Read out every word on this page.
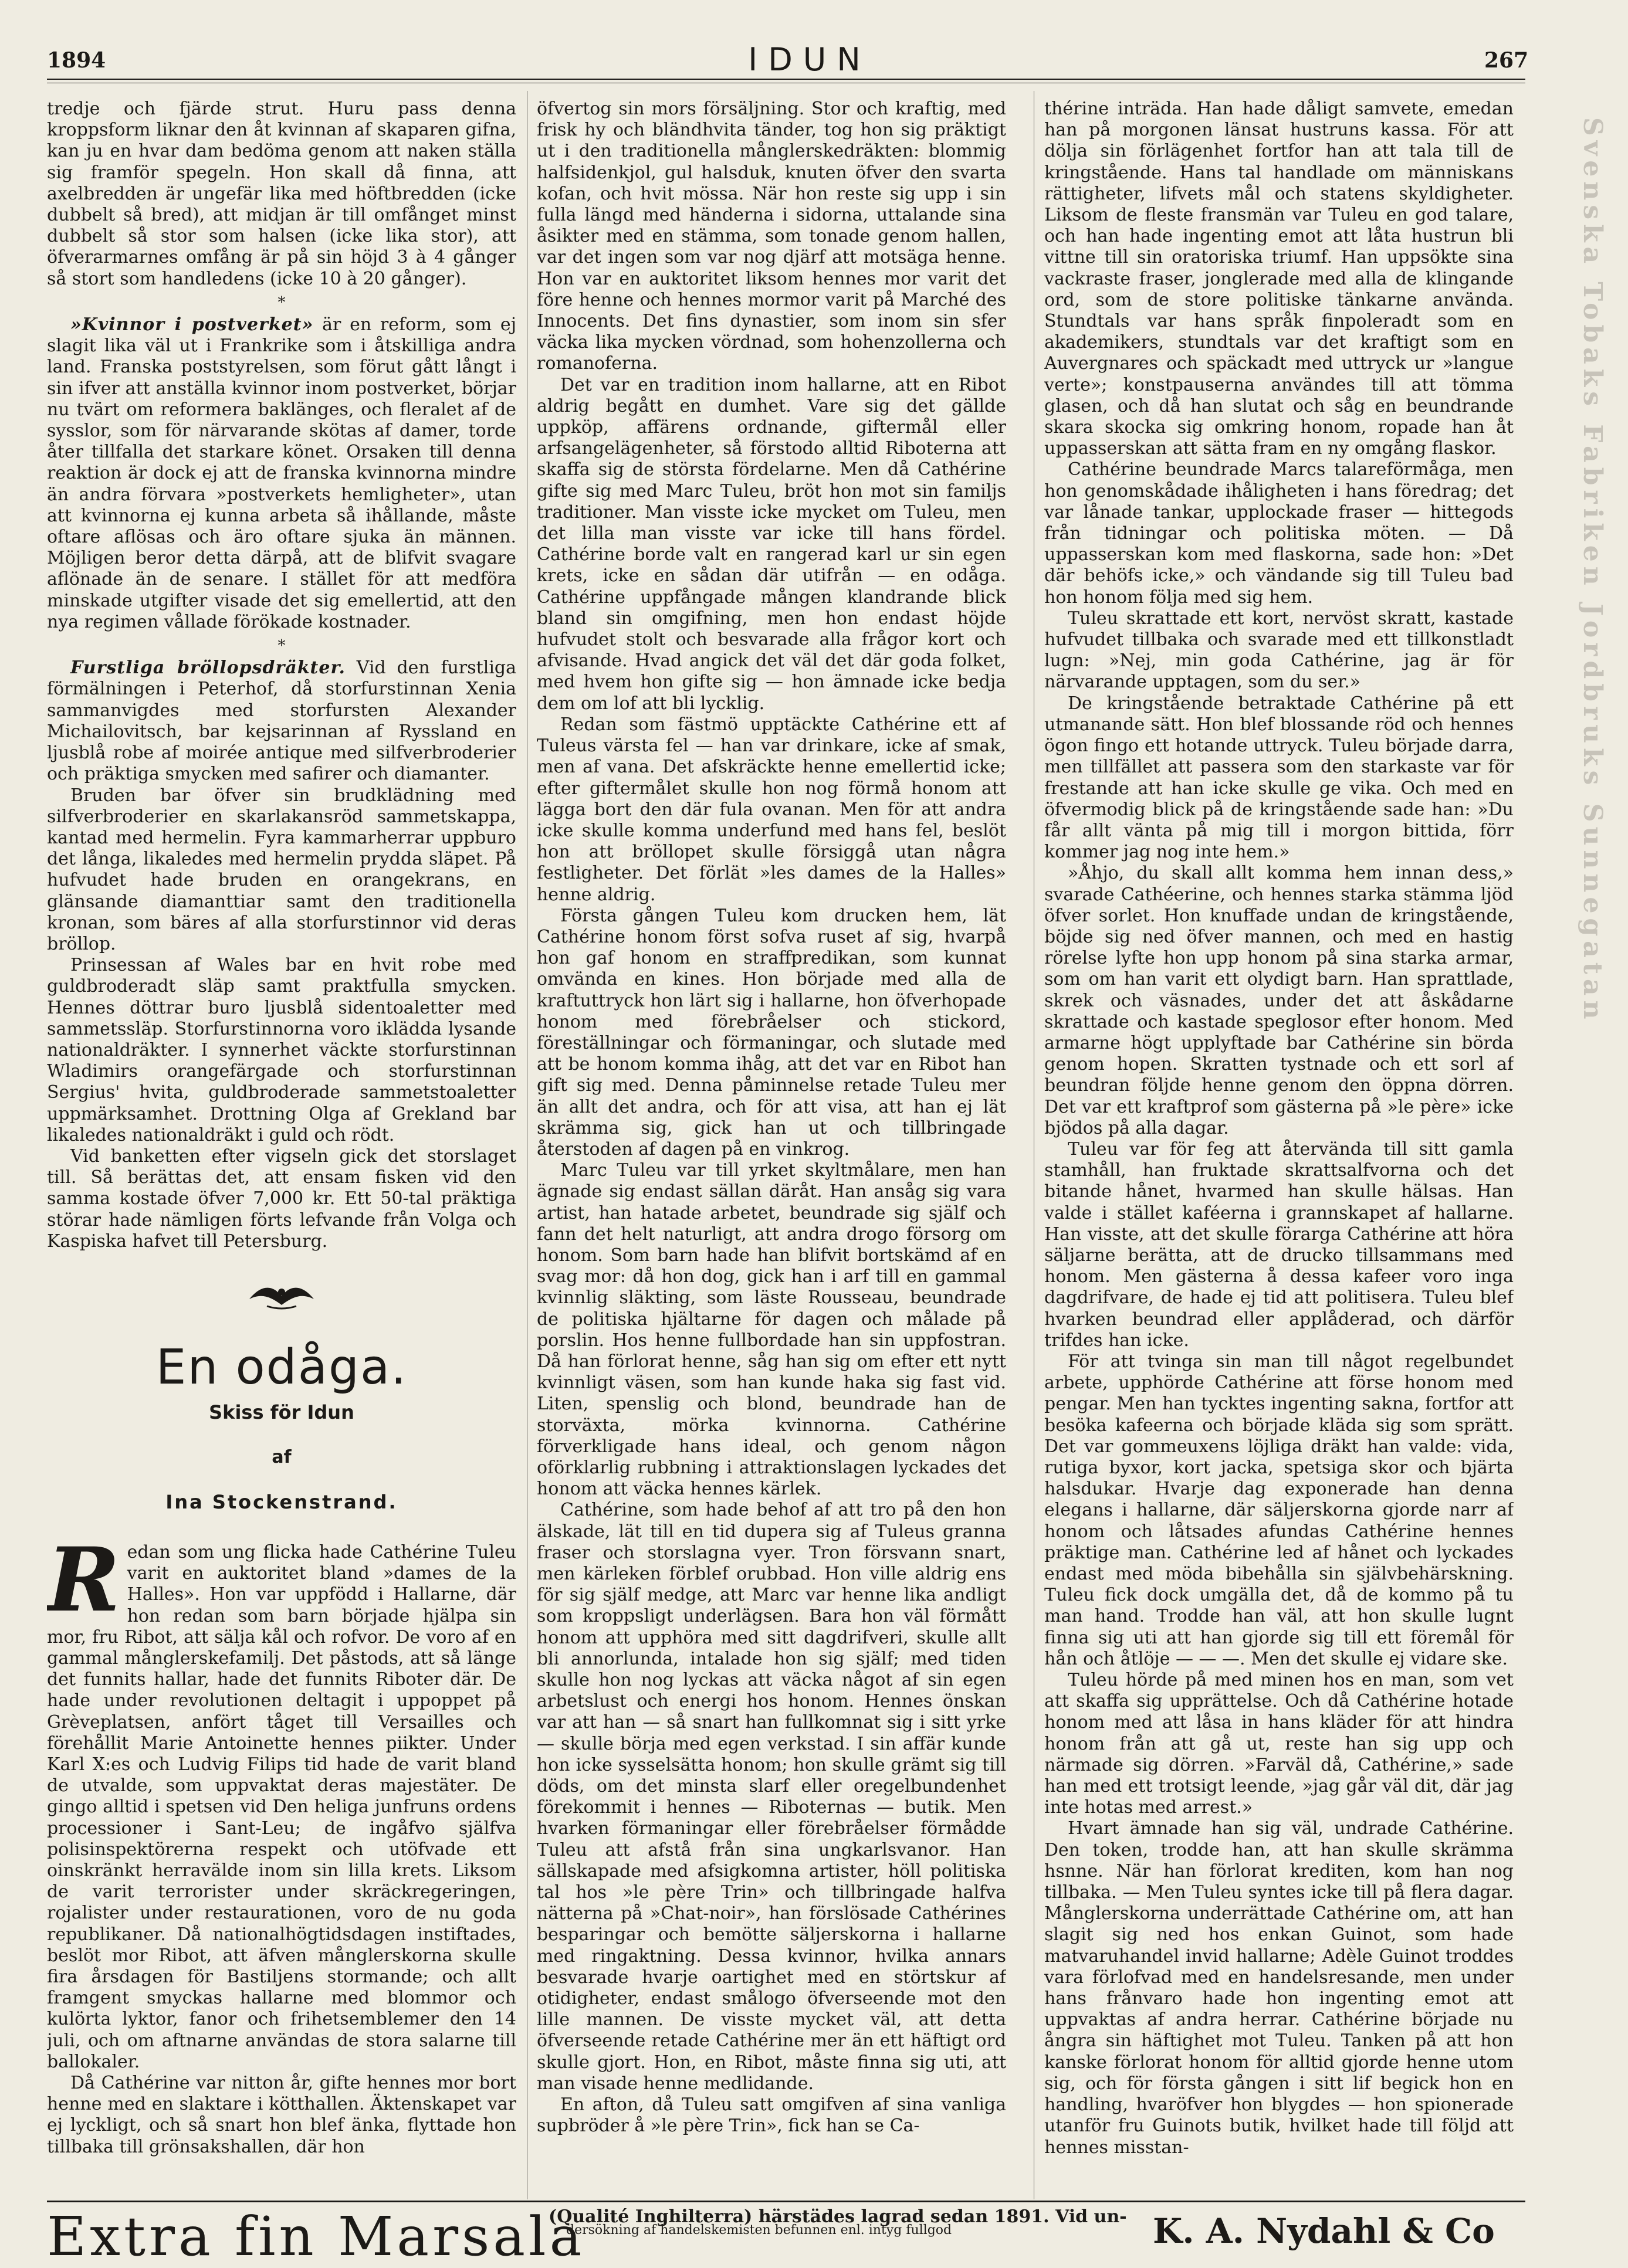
1894	IDUN	267

tredje och fjärde strut. Huru pass denna kroppsform liknar den åt kvinnan af skaparen gifna, kan ju en hvar dam bedöma genom att naken ställa sig framför spegeln. Hon skall då finna, att axelbredden är ungefär lika med höftbredden (icke dubbelt så bred), att midjan är till omfånget minst dubbelt så stor som halsen (icke lika stor), att öfverarmarnes omfång är på sin höjd 3 à 4 gånger så stort som handledens (icke 10 à 20 gånger).

*

»Kvinnor i postverket» är en reform, som ej slagit lika väl ut i Frankrike som i åtskilliga andra land. Franska poststyrelsen, som förut gått långt i sin ifver att anställa kvinnor inom postverket, börjar nu tvärt om reformera baklänges, och fleralet af de sysslor, som för närvarande skötas af damer, torde åter tillfalla det starkare könet. Orsaken till denna reaktion är dock ej att de franska kvinnorna mindre än andra förvara »postverkets hemligheter», utan att kvinnorna ej kunna arbeta så ihållande, måste oftare aflösas och äro oftare sjuka än männen. Möjligen beror detta därpå, att de blifvit svagare aflönade än de senare. I stället för att medföra minskade utgifter visade det sig emellertid, att den nya regimen vållade förökade kostnader.

*

Furstliga bröllopsdräkter. Vid den furstliga förmälningen i Peterhof, då storfurstinnan Xenia sammanvigdes med storfursten Alexander Michailovitsch, bar kejsarinnan af Ryssland en ljusblå robe af moirée antique med silfverbroderier och präktiga smycken med safirer och diamanter.

Bruden bar öfver sin brudklädning med silfverbroderier en skarlakansröd sammetskappa, kantad med hermelin. Fyra kammarherrar uppburo det långa, likaledes med hermelin prydda släpet. På hufvudet hade bruden en orangekrans, en glänsande diamanttiar samt den traditionella kronan, som bäres af alla storfurstinnor vid deras bröllop.

Prinsessan af Wales bar en hvit robe med guldbroderadt släp samt praktfulla smycken. Hennes döttrar buro ljusblå sidentoaletter med sammetssläp. Storfurstinnorna voro iklädda lysande nationaldräkter. I synnerhet väckte storfurstinnan Wladimirs orangefärgade och storfurstinnan Sergius' hvita, guldbroderade sammetstoaletter uppmärksamhet. Drottning Olga af Grekland bar likaledes nationaldräkt i guld och rödt.

Vid banketten efter vigseln gick det storslaget till. Så berättas det, att ensam fisken vid den samma kostade öfver 7,000 kr. Ett 50-tal präktiga störar hade nämligen förts lefvande från Volga och Kaspiska hafvet till Petersburg.

En odåga.
Skiss för Idun
af
Ina Stockenstrand.

Redan som ung flicka hade Cathérine Tuleu varit en auktoritet bland »dames de la Halles». Hon var uppfödd i Hallarne, där hon redan som barn började hjälpa sin mor, fru Ribot, att sälja kål och rofvor. De voro af en gammal månglerskefamilj. Det påstods, att så länge det funnits hallar, hade det funnits Riboter där. De hade under revolutionen deltagit i uppoppet på Grèveplatsen, anfört tåget till Versailles och förehållit Marie Antoinette hennes piikter. Under Karl X:es och Ludvig Filips tid hade de varit bland de utvalde, som uppvaktat deras majestäter. De gingo alltid i spetsen vid Den heliga junfruns ordens processioner i Sant-Leu; de ingåfvo själfva polisinspektörerna respekt och utöfvade ett oinskränkt herravälde inom sin lilla krets. Liksom de varit terrorister under skräckregeringen, rojalister under restaurationen, voro de nu goda republikaner. Då nationalhögtidsdagen instiftades, beslöt mor Ribot, att äfven månglerskorna skulle fira årsdagen för Bastiljens stormande; och allt framgent smyckas hallarne med blommor och kulörta lyktor, fanor och frihetsemblemer den 14 juli, och om aftnarne användas de stora salarne till ballokaler.

Då Cathérine var nitton år, gifte hennes mor bort henne med en slaktare i kötthallen. Äktenskapet var ej lyckligt, och så snart hon blef änka, flyttade hon tillbaka till grönsakshallen, där hon

öfvertog sin mors försäljning. Stor och kraftig, med frisk hy och bländhvita tänder, tog hon sig präktigt ut i den traditionella månglerskedräkten: blommig halfsidenkjol, gul halsduk, knuten öfver den svarta kofan, och hvit mössa. När hon reste sig upp i sin fulla längd med händerna i sidorna, uttalande sina åsikter med en stämma, som tonade genom hallen, var det ingen som var nog djärf att motsäga henne. Hon var en auktoritet liksom hennes mor varit det före henne och hennes mormor varit på Marché des Innocents. Det fins dynastier, som inom sin sfer väcka lika mycken vördnad, som hohenzollerna och romanoferna.

Det var en tradition inom hallarne, att en Ribot aldrig begått en dumhet. Vare sig det gällde uppköp, affärens ordnande, giftermål eller arfsangelägenheter, så förstodo alltid Riboterna att skaffa sig de största fördelarne. Men då Cathérine gifte sig med Marc Tuleu, bröt hon mot sin familjs traditioner. Man visste icke mycket om Tuleu, men det lilla man visste var icke till hans fördel. Cathérine borde valt en rangerad karl ur sin egen krets, icke en sådan där utifrån — en odåga. Cathérine uppfångade mången klandrande blick bland sin omgifning, men hon endast höjde hufvudet stolt och besvarade alla frågor kort och afvisande. Hvad angick det väl det där goda folket, med hvem hon gifte sig — hon ämnade icke bedja dem om lof att bli lycklig.

Redan som fästmö upptäckte Cathérine ett af Tuleus värsta fel — han var drinkare, icke af smak, men af vana. Det afskräckte henne emellertid icke; efter giftermålet skulle hon nog förmå honom att lägga bort den där fula ovanan. Men för att andra icke skulle komma underfund med hans fel, beslöt hon att bröllopet skulle försiggå utan några festligheter. Det förlät »les dames de la Halles» henne aldrig.

Första gången Tuleu kom drucken hem, lät Cathérine honom först sofva ruset af sig, hvarpå hon gaf honom en straffpredikan, som kunnat omvända en kines. Hon började med alla de kraftuttryck hon lärt sig i hallarne, hon öfverhopade honom med förebråelser och stickord, föreställningar och förmaningar, och slutade med att be honom komma ihåg, att det var en Ribot han gift sig med. Denna påminnelse retade Tuleu mer än allt det andra, och för att visa, att han ej lät skrämma sig, gick han ut och tillbringade återstoden af dagen på en vinkrog.

Marc Tuleu var till yrket skyltmålare, men han ägnade sig endast sällan däråt. Han ansåg sig vara artist, han hatade arbetet, beundrade sig själf och fann det helt naturligt, att andra drogo försorg om honom. Som barn hade han blifvit bortskämd af en svag mor: då hon dog, gick han i arf till en gammal kvinnlig släkting, som läste Rousseau, beundrade de politiska hjältarne för dagen och målade på porslin. Hos henne fullbordade han sin uppfostran. Då han förlorat henne, såg han sig om efter ett nytt kvinnligt väsen, som han kunde haka sig fast vid. Liten, spenslig och blond, beundrade han de storväxta, mörka kvinnorna. Cathérine förverkligade hans ideal, och genom någon oförklarlig rubbning i attraktionslagen lyckades det honom att väcka hennes kärlek.

Cathérine, som hade behof af att tro på den hon älskade, lät till en tid dupera sig af Tuleus granna fraser och storslagna vyer. Tron försvann snart, men kärleken förblef orubbad. Hon ville aldrig ens för sig själf medge, att Marc var henne lika andligt som kroppsligt underlägsen. Bara hon väl förmått honom att upphöra med sitt dagdrifveri, skulle allt bli annorlunda, intalade hon sig själf; med tiden skulle hon nog lyckas att väcka något af sin egen arbetslust och energi hos honom. Hennes önskan var att han — så snart han fullkomnat sig i sitt yrke — skulle börja med egen verkstad. I sin affär kunde hon icke sysselsätta honom; hon skulle grämt sig till döds, om det minsta slarf eller oregelbundenhet förekommit i hennes — Riboternas — butik. Men hvarken förmaningar eller förebråelser förmådde Tuleu att afstå från sina ungkarlsvanor. Han sällskapade med afsigkomna artister, höll politiska tal hos »le père Trin» och tillbringade halfva nätterna på »Chat-noir», han förslösade Cathérines besparingar och bemötte säljerskorna i hallarne med ringaktning. Dessa kvinnor, hvilka annars besvarade hvarje oartighet med en störtskur af otidigheter, endast smålogo öfverseende mot den lille mannen. De visste mycket väl, att detta öfverseende retade Cathérine mer än ett häftigt ord skulle gjort. Hon, en Ribot, måste finna sig uti, att man visade henne medlidande.

En afton, då Tuleu satt omgifven af sina vanliga supbröder å »le père Trin», fick han se Ca-

thérine inträda. Han hade dåligt samvete, emedan han på morgonen länsat hustruns kassa. För att dölja sin förlägenhet fortfor han att tala till de kringstående. Hans tal handlade om människans rättigheter, lifvets mål och statens skyldigheter. Liksom de fleste fransmän var Tuleu en god talare, och han hade ingenting emot att låta hustrun bli vittne till sin oratoriska triumf. Han uppsökte sina vackraste fraser, jonglerade med alla de klingande ord, som de store politiske tänkarne använda. Stundtals var hans språk finpoleradt som en akademikers, stundtals var det kraftigt som en Auvergnares och späckadt med uttryck ur »langue verte»; konstpauserna användes till att tömma glasen, och då han slutat och såg en beundrande skara skocka sig omkring honom, ropade han åt uppasserskan att sätta fram en ny omgång flaskor.

Cathérine beundrade Marcs talareförmåga, men hon genomskådade ihåligheten i hans föredrag; det var lånade tankar, upplockade fraser — hittegods från tidningar och politiska möten. — Då uppasserskan kom med flaskorna, sade hon: »Det där behöfs icke,» och vändande sig till Tuleu bad hon honom följa med sig hem.

Tuleu skrattade ett kort, nervöst skratt, kastade hufvudet tillbaka och svarade med ett tillkonstladt lugn: »Nej, min goda Cathérine, jag är för närvarande upptagen, som du ser.»

De kringstående betraktade Cathérine på ett utmanande sätt. Hon blef blossande röd och hennes ögon fingo ett hotande uttryck. Tuleu började darra, men tillfället att passera som den starkaste var för frestande att han icke skulle ge vika. Och med en öfvermodig blick på de kringstående sade han: »Du får allt vänta på mig till i morgon bittida, förr kommer jag nog inte hem.»

»Åhjo, du skall allt komma hem innan dess,» svarade Cathéerine, och hennes starka stämma ljöd öfver sorlet. Hon knuffade undan de kringstående, böjde sig ned öfver mannen, och med en hastig rörelse lyfte hon upp honom på sina starka armar, som om han varit ett olydigt barn. Han sprattlade, skrek och väsnades, under det att åskådarne skrattade och kastade speglosor efter honom. Med armarne högt upplyftade bar Cathérine sin börda genom hopen. Skratten tystnade och ett sorl af beundran följde henne genom den öppna dörren. Det var ett kraftprof som gästerna på »le père» icke bjödos på alla dagar.

Tuleu var för feg att återvända till sitt gamla stamhåll, han fruktade skrattsalfvorna och det bitande hånet, hvarmed han skulle hälsas. Han valde i stället kaféerna i grannskapet af hallarne. Han visste, att det skulle förarga Cathérine att höra säljarne berätta, att de drucko tillsammans med honom. Men gästerna å dessa kafeer voro inga dagdrifvare, de hade ej tid att politisera. Tuleu blef hvarken beundrad eller applåderad, och därför trifdes han icke.

För att tvinga sin man till något regelbundet arbete, upphörde Cathérine att förse honom med pengar. Men han tycktes ingenting sakna, fortfor att besöka kafeerna och började kläda sig som sprätt. Det var gommeuxens löjliga dräkt han valde: vida, rutiga byxor, kort jacka, spetsiga skor och bjärta halsdukar. Hvarje dag exponerade han denna elegans i hallarne, där säljerskorna gjorde narr af honom och låtsades afundas Cathérine hennes präktige man. Cathérine led af hånet och lyckades endast med möda bibehålla sin självbehärskning. Tuleu fick dock umgälla det, då de kommo på tu man hand. Trodde han väl, att hon skulle lugnt finna sig uti att han gjorde sig till ett föremål för hån och åtlöje — — —. Men det skulle ej vidare ske.

Tuleu hörde på med minen hos en man, som vet att skaffa sig upprättelse. Och då Cathérine hotade honom med att låsa in hans kläder för att hindra honom från att gå ut, reste han sig upp och närmade sig dörren. »Farväl då, Cathérine,» sade han med ett trotsigt leende, »jag går väl dit, där jag inte hotas med arrest.»

Hvart ämnade han sig väl, undrade Cathérine. Den token, trodde han, att han skulle skrämma hsnne. När han förlorat krediten, kom han nog tillbaka. — Men Tuleu syntes icke till på flera dagar. Månglerskorna underrättade Cathérine om, att han slagit sig ned hos enkan Guinot, som hade matvaruhandel invid hallarne; Adèle Guinot troddes vara förlofvad med en handelsresande, men under hans frånvaro hade hon ingenting emot att uppvaktas af andra herrar. Cathérine började nu ångra sin häftighet mot Tuleu. Tanken på att hon kanske förlorat honom för alltid gjorde henne utom sig, och för första gången i sitt lif begick hon en handling, hvaröfver hon blygdes — hon spionerade utanför fru Guinots butik, hvilket hade till följd att hennes misstan-

Svenska Tobaks Fabriken Jordbruks Sunnegatan
Extra fin Marsala
(Qualité Inghilterra) härstädes lagrad sedan 1891. Vid un-
dersökning af handelskemisten befunnen enl. intyg fullgod	K. A. Nydahl & Co
